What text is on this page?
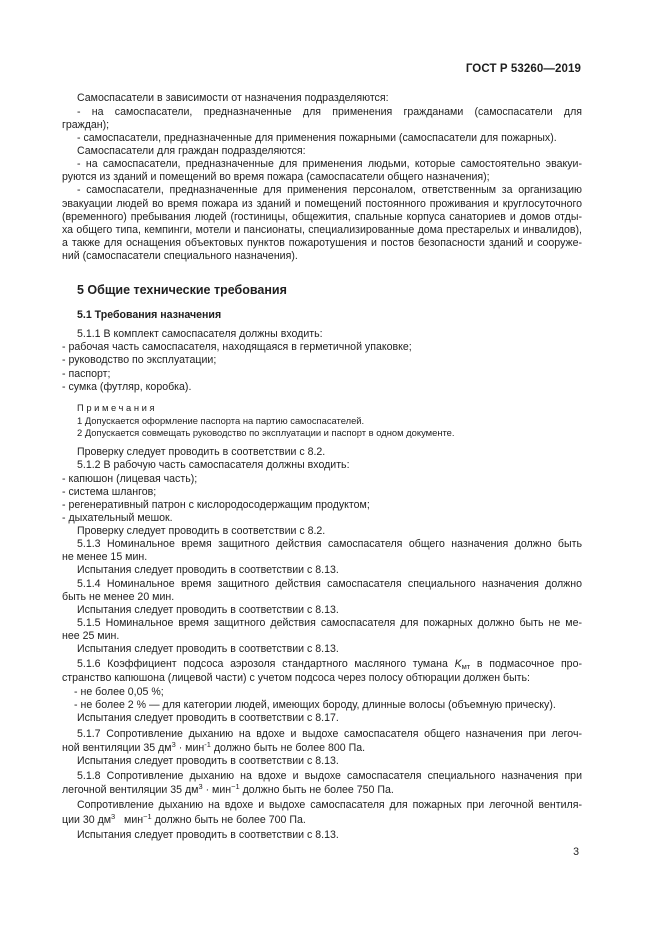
ГОСТ Р 53260—2019
Самоспасатели в зависимости от назначения подразделяются:
- на самоспасатели, предназначенные для применения гражданами (самоспасатели для
граждан);
- самоспасатели, предназначенные для применения пожарными (самоспасатели для пожарных).
Самоспасатели для граждан подразделяются:
- на самоспасатели, предназначенные для применения людьми, которые самостоятельно эвакуи-
руются из зданий и помещений во время пожара (самоспасатели общего назначения);
- самоспасатели, предназначенные для применения персоналом, ответственным за организацию
эвакуации людей во время пожара из зданий и помещений постоянного проживания и круглосуточного
(временного) пребывания людей (гостиницы, общежития, спальные корпуса санаториев и домов отды-
ха общего типа, кемпинги, мотели и пансионаты, специализированные дома престарелых и инвалидов),
а также для оснащения объектовых пунктов пожаротушения и постов безопасности зданий и сооруже-
ний (самоспасатели специального назначения).
5 Общие технические требования
5.1 Требования назначения
5.1.1 В комплект самоспасателя должны входить:
- рабочая часть самоспасателя, находящаяся в герметичной упаковке;
- руководство по эксплуатации;
- паспорт;
- сумка (футляр, коробка).
Примечания
1 Допускается оформление паспорта на партию самоспасателей.
2 Допускается совмещать руководство по эксплуатации и паспорт в одном документе.
Проверку следует проводить в соответствии с 8.2.
5.1.2 В рабочую часть самоспасателя должны входить:
- капюшон (лицевая часть);
- система шлангов;
- регенеративный патрон с кислородосодержащим продуктом;
- дыхательный мешок.
Проверку следует проводить в соответствии с 8.2.
5.1.3 Номинальное время защитного действия самоспасателя общего назначения должно быть
не менее 15 мин.
Испытания следует проводить в соответствии с 8.13.
5.1.4 Номинальное время защитного действия самоспасателя специального назначения должно
быть не менее 20 мин.
Испытания следует проводить в соответствии с 8.13.
5.1.5 Номинальное время защитного действия самоспасателя для пожарных должно быть не ме-
нее 25 мин.
Испытания следует проводить в соответствии с 8.13.
5.1.6 Коэффициент подсоса аэрозоля стандартного масляного тумана $K_{мт}$ в подмасочное про-
странство капюшона (лицевой части) с учетом подсоса через полосу обтюрации должен быть:
- не более 0,05 %;
- не более 2 % — для категории людей, имеющих бороду, длинные волосы (объемную прическу).
Испытания следует проводить в соответствии с 8.17.
5.1.7 Сопротивление дыханию на вдохе и выдохе самоспасателя общего назначения при легоч-
ной вентиляции 35 $дм^3 \cdot мин^{-1}$ должно быть не более 800 Па.
Испытания следует проводить в соответствии с 8.13.
5.1.8 Сопротивление дыханию на вдохе и выдохе самоспасателя специального назначения при
легочной вентиляции 35 $дм^3 \cdot мин^{-1}$ должно быть не более 750 Па.
Сопротивление дыханию на вдохе и выдохе самоспасателя для пожарных при легочной вентиля-
ции 30 $дм^3$   мин$^{-1}$ должно быть не более 700 Па.
Испытания следует проводить в соответствии с 8.13.
3
